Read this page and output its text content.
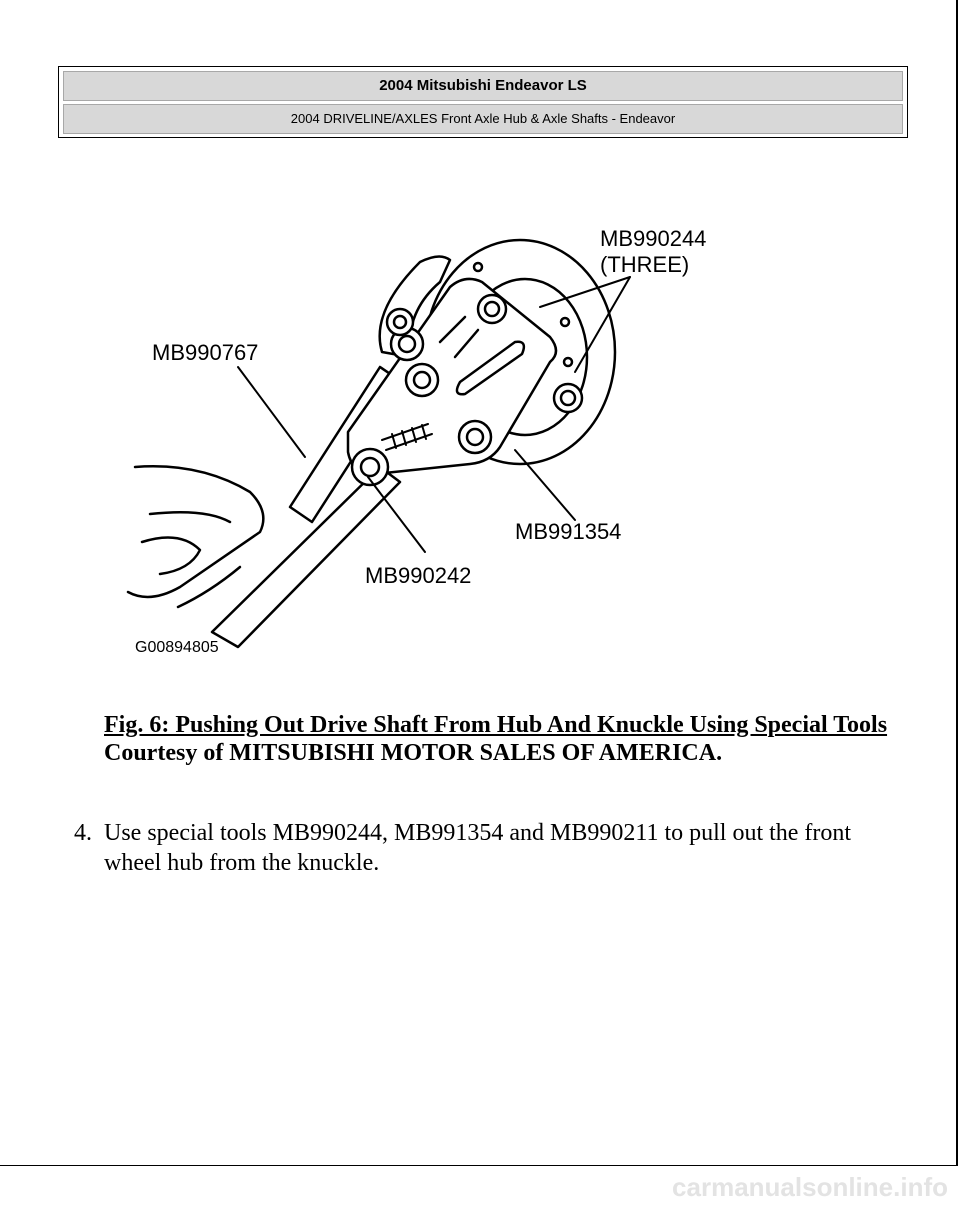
2004 Mitsubishi Endeavor LS
2004 DRIVELINE/AXLES Front Axle Hub & Axle Shafts - Endeavor
MB990244
(THREE)
MB990767
MB991354
MB990242
G00894805
Fig. 6: Pushing Out Drive Shaft From Hub And Knuckle Using Special Tools
Courtesy of MITSUBISHI MOTOR SALES OF AMERICA.
4. Use special tools MB990244, MB991354 and MB990211 to pull out the front wheel hub from the knuckle.
carmanualsonline.info
